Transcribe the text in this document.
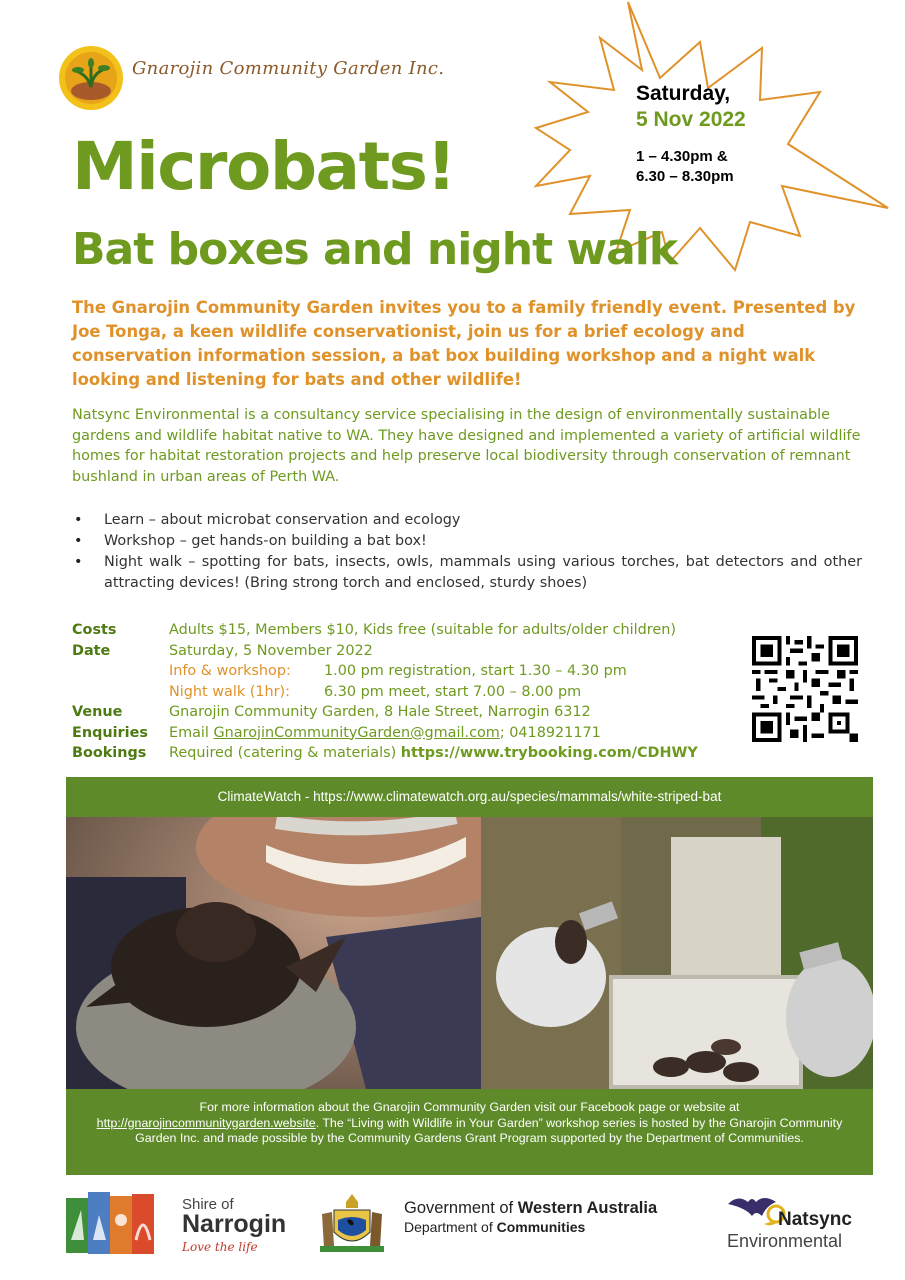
Gnarojin Community Garden Inc.
Saturday,
5 Nov 2022
1 – 4.30pm &
6.30 – 8.30pm
Microbats!
Bat boxes and night walk
The Gnarojin Community Garden invites you to a family friendly event. Presented by Joe Tonga, a keen wildlife conservationist, join us for a brief ecology and conservation information session, a bat box building workshop and a night walk looking and listening for bats and other wildlife!
Natsync Environmental is a consultancy service specialising in the design of environmentally sustainable gardens and wildlife habitat native to WA. They have designed and implemented a variety of artificial wildlife homes for habitat restoration projects and help preserve local biodiversity through conservation of remnant bushland in urban areas of Perth WA.
• Learn – about microbat conservation and ecology
• Workshop – get hands-on building a bat box!
• Night walk – spotting for bats, insects, owls, mammals using various torches, bat detectors and other attracting devices! (Bring strong torch and enclosed, sturdy shoes)
Costs	Adults $15, Members $10, Kids free (suitable for adults/older children)
Date	Saturday, 5 November 2022
Info & workshop: 1.00 pm registration, start 1.30 – 4.30 pm
Night walk (1hr): 6.30 pm meet, start 7.00 – 8.00 pm
Venue	Gnarojin Community Garden, 8 Hale Street, Narrogin 6312
Enquiries	Email GnarojinCommunityGarden@gmail.com; 0418921171
Bookings	Required (catering & materials) https://www.trybooking.com/CDHWY
ClimateWatch - https://www.climatewatch.org.au/species/mammals/white-striped-bat
For more information about the Gnarojin Community Garden visit our Facebook page or website at
http://gnarojincommunitygarden.website. The “Living with Wildlife in Your Garden” workshop series is hosted by the Gnarojin Community Garden Inc. and made possible by the Community Gardens Grant Program supported by the Department of Communities.
Shire of
Narrogin
Love the life
Government of Western Australia
Department of Communities	Natsync
Environmental
